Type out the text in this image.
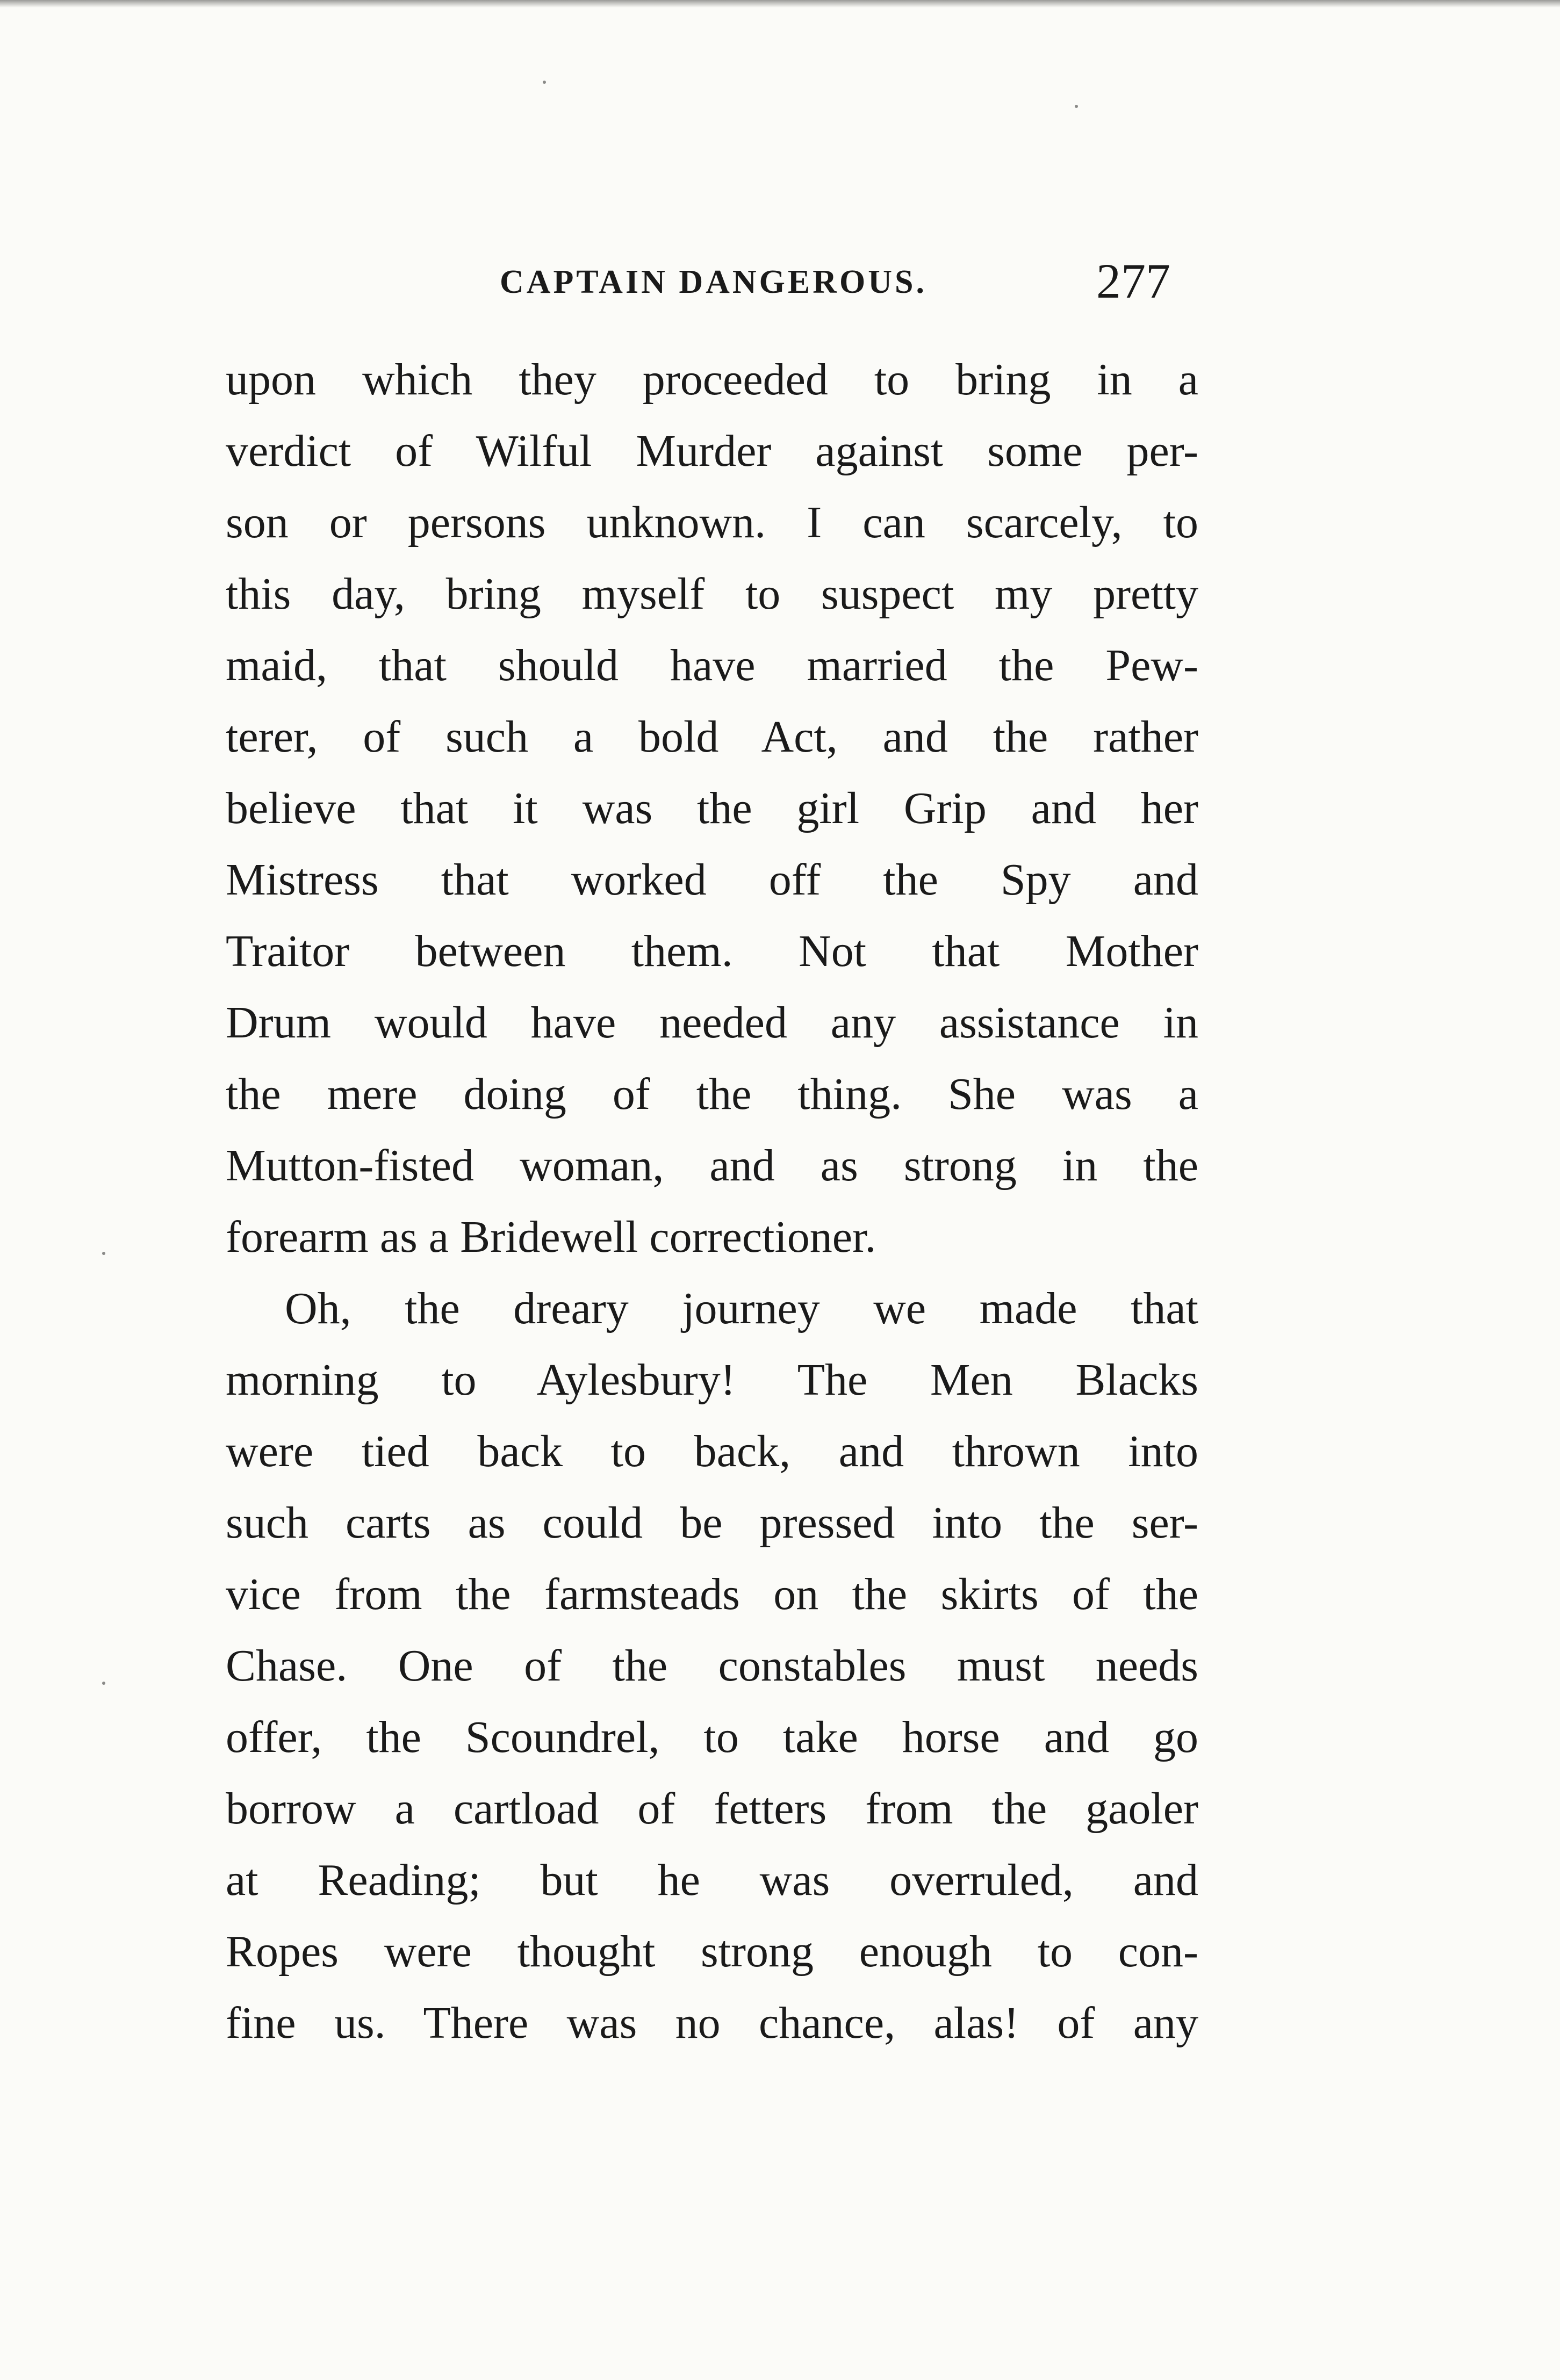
CAPTAIN DANGEROUS.	277
upon which they proceeded to bring in a
verdict of Wilful Murder against some per-
son or persons unknown. I can scarcely, to
this day, bring myself to suspect my pretty
maid, that should have married the Pew-
terer, of such a bold Act, and the rather
believe that it was the girl Grip and her
Mistress that worked off the Spy and
Traitor between them. Not that Mother
Drum would have needed any assistance in
the mere doing of the thing. She was a
Mutton-fisted woman, and as strong in the
forearm as a Bridewell correctioner.
Oh, the dreary journey we made that
morning to Aylesbury! The Men Blacks
were tied back to back, and thrown into
such carts as could be pressed into the ser-
vice from the farmsteads on the skirts of the
Chase. One of the constables must needs
offer, the Scoundrel, to take horse and go
borrow a cartload of fetters from the gaoler
at Reading; but he was overruled, and
Ropes were thought strong enough to con-
fine us. There was no chance, alas! of any
